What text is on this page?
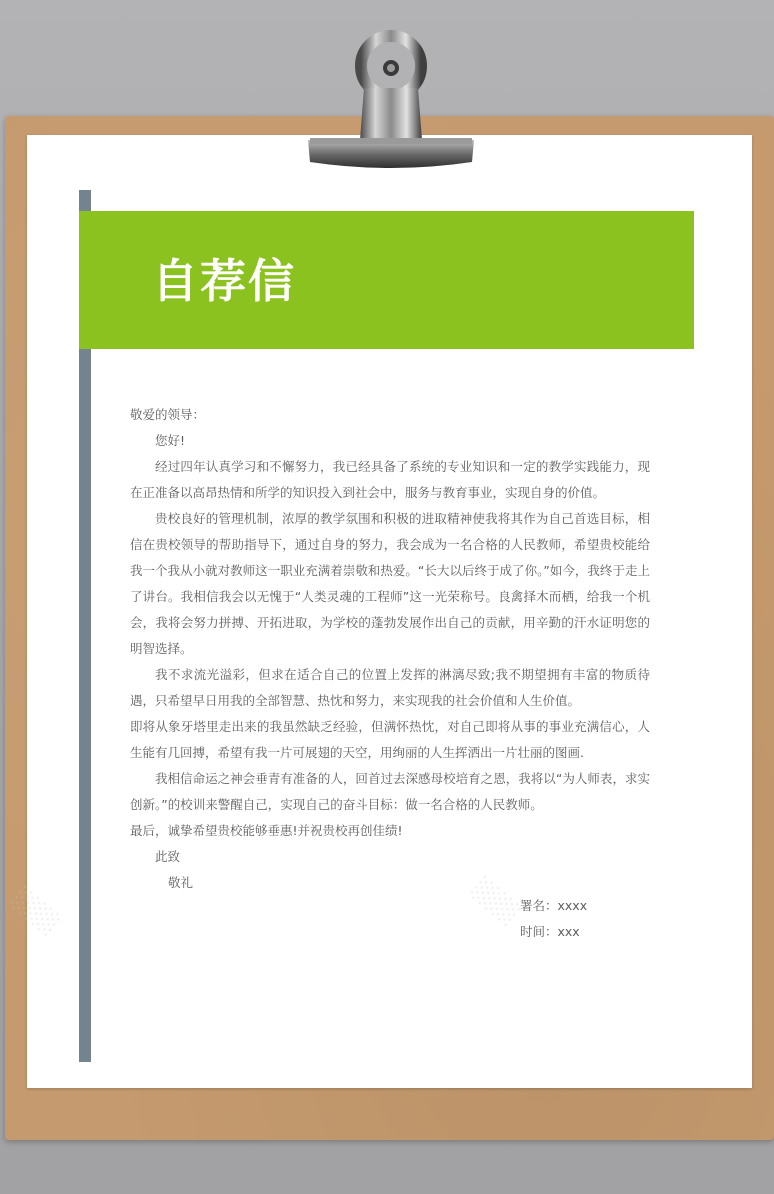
░░░	░░░
自荐信

敬爱的领导：

您好!

经过四年认真学习和不懈努力，我已经具备了系统的专业知识和一定的教学实践能力，现在正准备以高昂热情和所学的知识投入到社会中，服务与教育事业，实现自身的价值。

贵校良好的管理机制，浓厚的教学氛围和积极的进取精神使我将其作为自己首选目标，相信在贵校领导的帮助指导下，通过自身的努力，我会成为一名合格的人民教师，希望贵校能给我一个我从小就对教师这一职业充满着崇敬和热爱。“长大以后终于成了你。”如今，我终于走上了讲台。我相信我会以无愧于“人类灵魂的工程师”这一光荣称号。良禽择木而栖，给我一个机会，我将会努力拼搏、开拓进取，为学校的蓬勃发展作出自己的贡献，用辛勤的汗水证明您的明智选择。

我不求流光溢彩，但求在适合自己的位置上发挥的淋漓尽致;我不期望拥有丰富的物质待遇，只希望早日用我的全部智慧、热忱和努力，来实现我的社会价值和人生价值。

即将从象牙塔里走出来的我虽然缺乏经验，但满怀热忱，对自己即将从事的事业充满信心，人生能有几回搏，希望有我一片可展翅的天空，用绚丽的人生挥洒出一片壮丽的图画.

我相信命运之神会垂青有准备的人，回首过去深感母校培育之恩，我将以“为人师表，求实创新。”的校训来警醒自己，实现自己的奋斗目标：做一名合格的人民教师。

最后，诚挚希望贵校能够垂惠!并祝贵校再创佳绩!

此致

敬礼

署名：xxxx
时间：xxx
